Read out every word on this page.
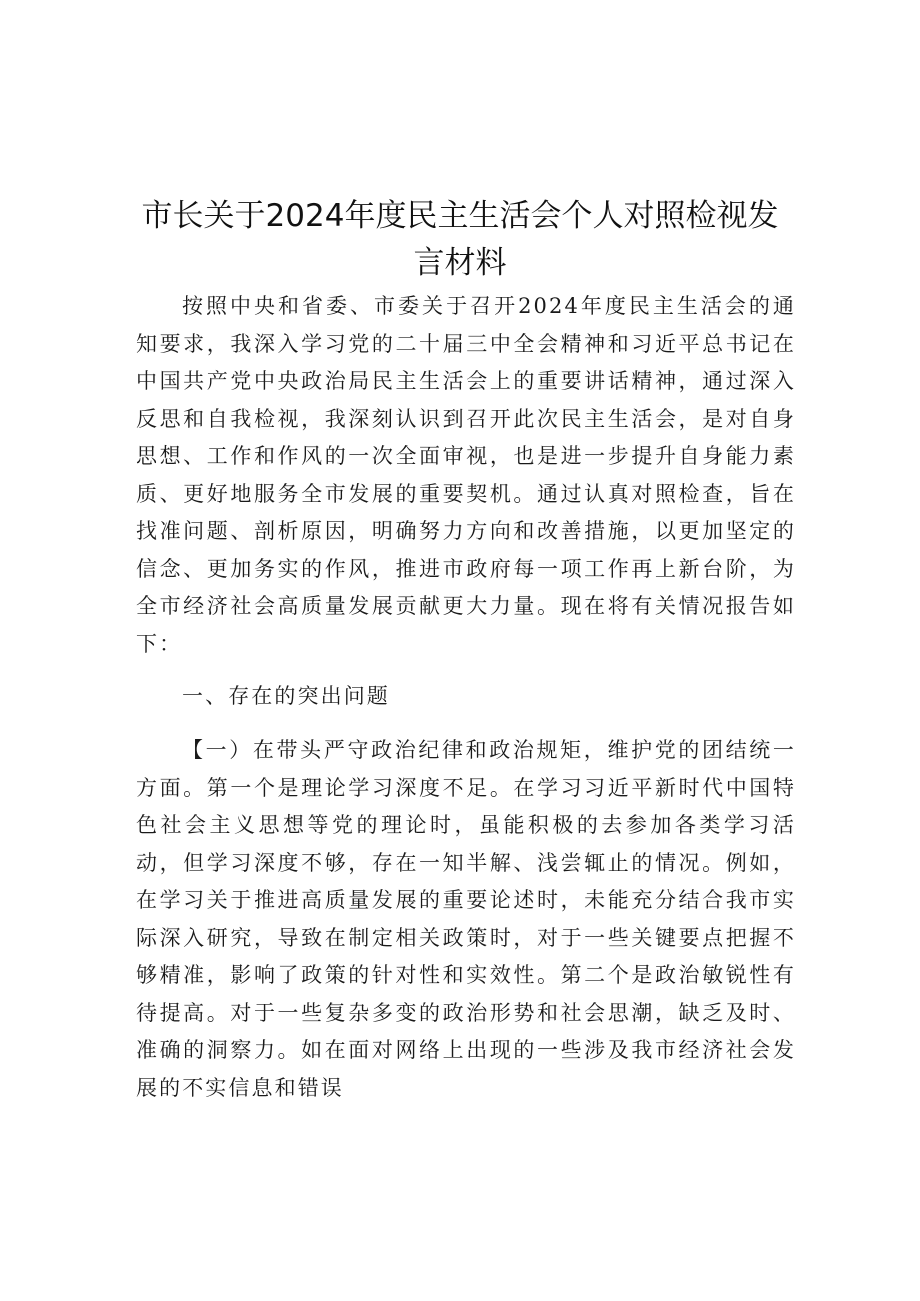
市长关于2024年度民主生活会个人对照检视发
言材料

按照中央和省委、市委关于召开2024年度民主生活会的通知要求，我深入学习党的二十届三中全会精神和习近平总书记在中国共产党中央政治局民主生活会上的重要讲话精神，通过深入反思和自我检视，我深刻认识到召开此次民主生活会，是对自身思想、工作和作风的一次全面审视，也是进一步提升自身能力素质、更好地服务全市发展的重要契机。通过认真对照检查，旨在找准问题、剖析原因，明确努力方向和改善措施，以更加坚定的信念、更加务实的作风，推进市政府每一项工作再上新台阶，为全市经济社会高质量发展贡献更大力量。现在将有关情况报告如下：

一、存在的突出问题

【一）在带头严守政治纪律和政治规矩，维护党的团结统一方面。第一个是理论学习深度不足。在学习习近平新时代中国特色社会主义思想等党的理论时，虽能积极的去参加各类学习活动，但学习深度不够，存在一知半解、浅尝辄止的情况。例如，在学习关于推进高质量发展的重要论述时，未能充分结合我市实际深入研究，导致在制定相关政策时，对于一些关键要点把握不够精准，影响了政策的针对性和实效性。第二个是政治敏锐性有待提高。对于一些复杂多变的政治形势和社会思潮，缺乏及时、准确的洞察力。如在面对网络上出现的一些涉及我市经济社会发展的不实信息和错误
